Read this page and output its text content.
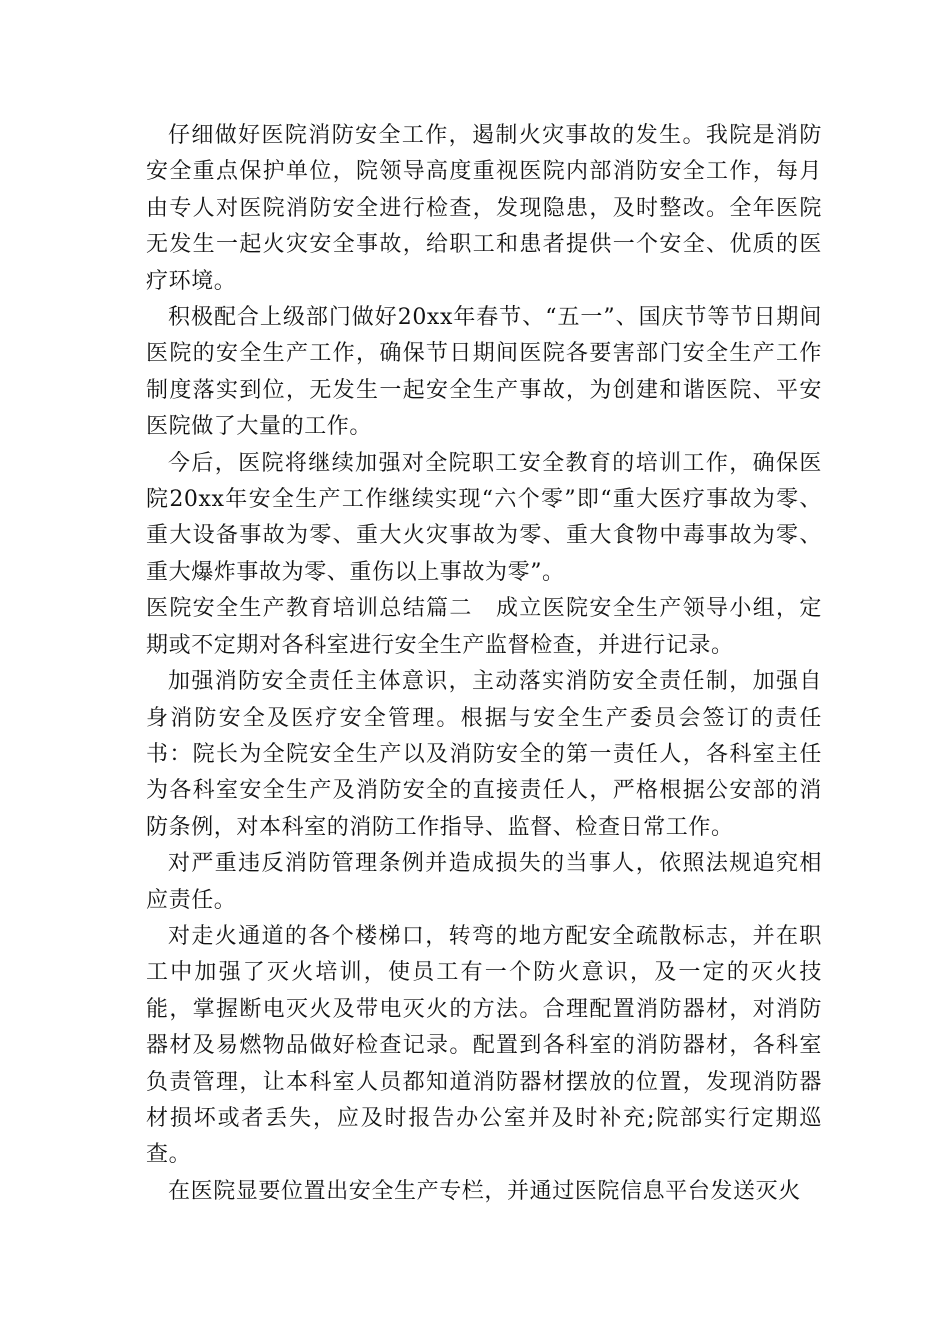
仔细做好医院消防安全工作，遏制火灾事故的发生。我院是消防安全重点保护单位，院领导高度重视医院内部消防安全工作，每月由专人对医院消防安全进行检查，发现隐患，及时整改。全年医院无发生一起火灾安全事故，给职工和患者提供一个安全、优质的医疗环境。

积极配合上级部门做好20xx年春节、“五一”、国庆节等节日期间医院的安全生产工作，确保节日期间医院各要害部门安全生产工作制度落实到位，无发生一起安全生产事故，为创建和谐医院、平安医院做了大量的工作。

今后，医院将继续加强对全院职工安全教育的培训工作，确保医院20xx年安全生产工作继续实现“六个零”即“重大医疗事故为零、重大设备事故为零、重大火灾事故为零、重大食物中毒事故为零、重大爆炸事故为零、重伤以上事故为零”。

医院安全生产教育培训总结篇二　成立医院安全生产领导小组，定期或不定期对各科室进行安全生产监督检查，并进行记录。

加强消防安全责任主体意识，主动落实消防安全责任制，加强自身消防安全及医疗安全管理。根据与安全生产委员会签订的责任书：院长为全院安全生产以及消防安全的第一责任人，各科室主任为各科室安全生产及消防安全的直接责任人，严格根据公安部的消防条例，对本科室的消防工作指导、监督、检查日常工作。

对严重违反消防管理条例并造成损失的当事人，依照法规追究相应责任。

对走火通道的各个楼梯口，转弯的地方配安全疏散标志，并在职工中加强了灭火培训，使员工有一个防火意识，及一定的灭火技能，掌握断电灭火及带电灭火的方法。合理配置消防器材，对消防器材及易燃物品做好检查记录。配置到各科室的消防器材，各科室负责管理，让本科室人员都知道消防器材摆放的位置，发现消防器材损坏或者丢失，应及时报告办公室并及时补充;院部实行定期巡查。

在医院显要位置出安全生产专栏，并通过医院信息平台发送灭火
